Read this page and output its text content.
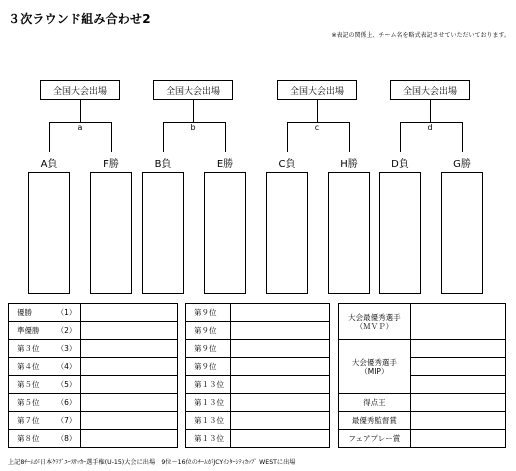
３次ラウンド組み合わせ2
※表記の関係上、チーム名を略式表記させていただいております。
全国大会出場
a
A負	F勝
全国大会出場
b
B負	E勝
全国大会出場
c
C負	H勝
全国大会出場
d
D負	G勝
優勝	（1）	
準優勝	（2）	
第３位	（3）	
第４位	（4）	
第５位	（5）	
第５位	（6）	
第７位	（7）	
第８位	（8）	
第９位	
第９位	
第９位	
第９位	
第１３位	
第１３位	
第１３位	
第１３位	
大会最優秀選手
（ＭＶＰ）	

大会優秀選手
（MIP）	

得点王	
最優秀監督賞	
フェアプレー賞	
上記8ﾁｰﾑが日本ｸﾗﾌﾞﾕｰｽｻｯｶｰ選手権(U-15)大会に出場　9位～16位のﾁｰﾑがJCYｲﾝﾀｰｼﾃｨｶｯﾌﾟ WESTに出場
